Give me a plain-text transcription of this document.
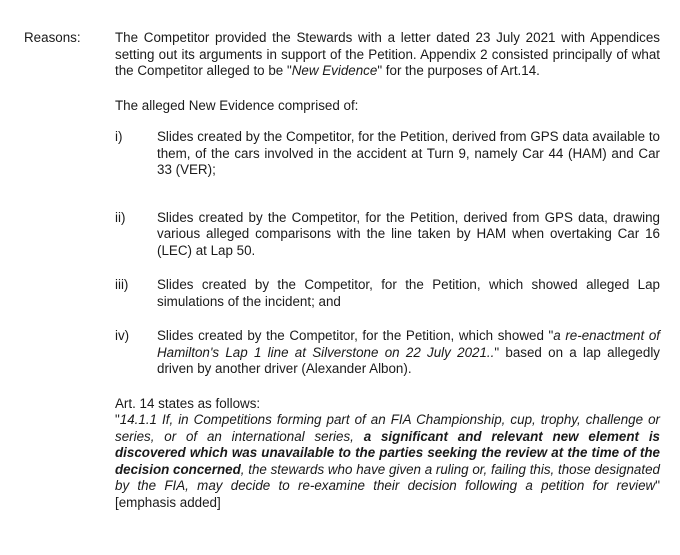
Reasons:	The Competitor provided the Stewards with a letter dated 23 July 2021 with Appendices setting out its arguments in support of the Petition. Appendix 2 consisted principally of what the Competitor alleged to be "New Evidence" for the purposes of Art.14.

The alleged New Evidence comprised of:

i)	Slides created by the Competitor, for the Petition, derived from GPS data available to them, of the cars involved in the accident at Turn 9, namely Car 44 (HAM) and Car 33 (VER);
ii)	Slides created by the Competitor, for the Petition, derived from GPS data, drawing various alleged comparisons with the line taken by HAM when overtaking Car 16 (LEC) at Lap 50.
iii)	Slides created by the Competitor, for the Petition, which showed alleged Lap simulations of the incident; and
iv)	Slides created by the Competitor, for the Petition, which showed "a re-enactment of Hamilton's Lap 1 line at Silverstone on 22 July 2021.." based on a lap allegedly driven by another driver (Alexander Albon).

Art. 14 states as follows:

"14.1.1 If, in Competitions forming part of an FIA Championship, cup, trophy, challenge or series, or of an international series, a significant and relevant new element is discovered which was unavailable to the parties seeking the review at the time of the decision concerned, the stewards who have given a ruling or, failing this, those designated by the FIA, may decide to re-examine their decision following a petition for review" [emphasis added]
